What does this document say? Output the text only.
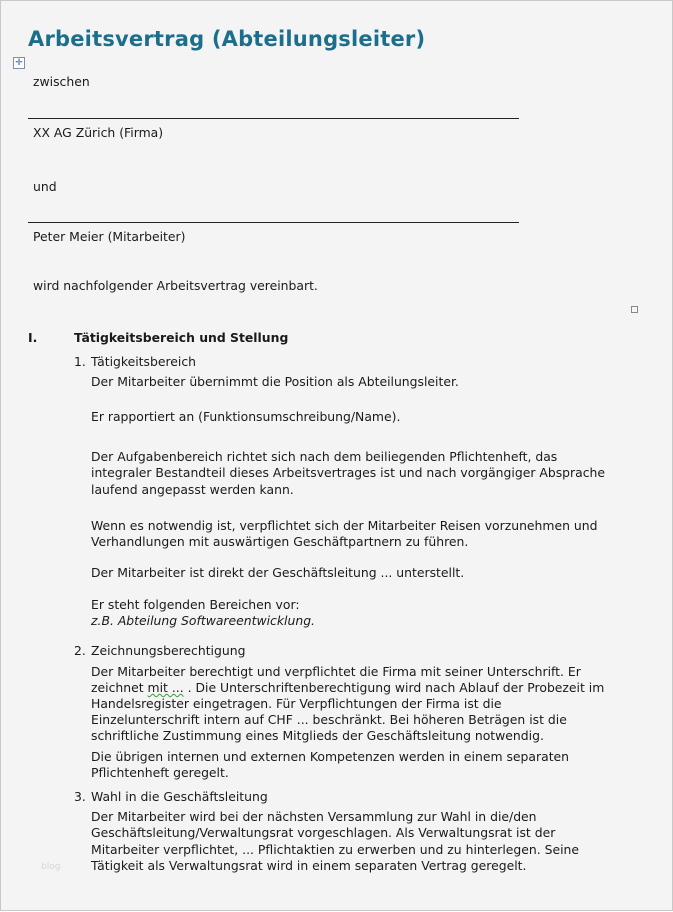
Arbeitsvertrag (Abteilungsleiter)
✛
zwischen
XX AG Zürich (Firma)
und
Peter Meier (Mitarbeiter)
wird nachfolgender Arbeitsvertrag vereinbart.
I.	Tätigkeitsbereich und Stellung
1. Tätigkeitsbereich
Der Mitarbeiter übernimmt die Position als Abteilungsleiter.
Er rapportiert an (Funktionsumschreibung/Name).
Der Aufgabenbereich richtet sich nach dem beiliegenden Pflichtenheft, das
integraler Bestandteil dieses Arbeitsvertrages ist und nach vorgängiger Absprache
laufend angepasst werden kann.
Wenn es notwendig ist, verpflichtet sich der Mitarbeiter Reisen vorzunehmen und
Verhandlungen mit auswärtigen Geschäftpartnern zu führen.
Der Mitarbeiter ist direkt der Geschäftsleitung ... unterstellt.
Er steht folgenden Bereichen vor:
z.B. Abteilung Softwareentwicklung.
2. Zeichnungsberechtigung
Der Mitarbeiter berechtigt und verpflichtet die Firma mit seiner Unterschrift. Er
zeichnet mit ... . Die Unterschriftenberechtigung wird nach Ablauf der Probezeit im
Handelsregister eingetragen. Für Verpflichtungen der Firma ist die
Einzelunterschrift intern auf CHF ... beschränkt. Bei höheren Beträgen ist die
schriftliche Zustimmung eines Mitglieds der Geschäftsleitung notwendig.
Die übrigen internen und externen Kompetenzen werden in einem separaten
Pflichtenheft geregelt.
3. Wahl in die Geschäftsleitung
Der Mitarbeiter wird bei der nächsten Versammlung zur Wahl in die/den
Geschäftsleitung/Verwaltungsrat vorgeschlagen. Als Verwaltungsrat ist der
Mitarbeiter verpflichtet, ... Pflichtaktien zu erwerben und zu hinterlegen. Seine
Tätigkeit als Verwaltungsrat wird in einem separaten Vertrag geregelt.
blog
